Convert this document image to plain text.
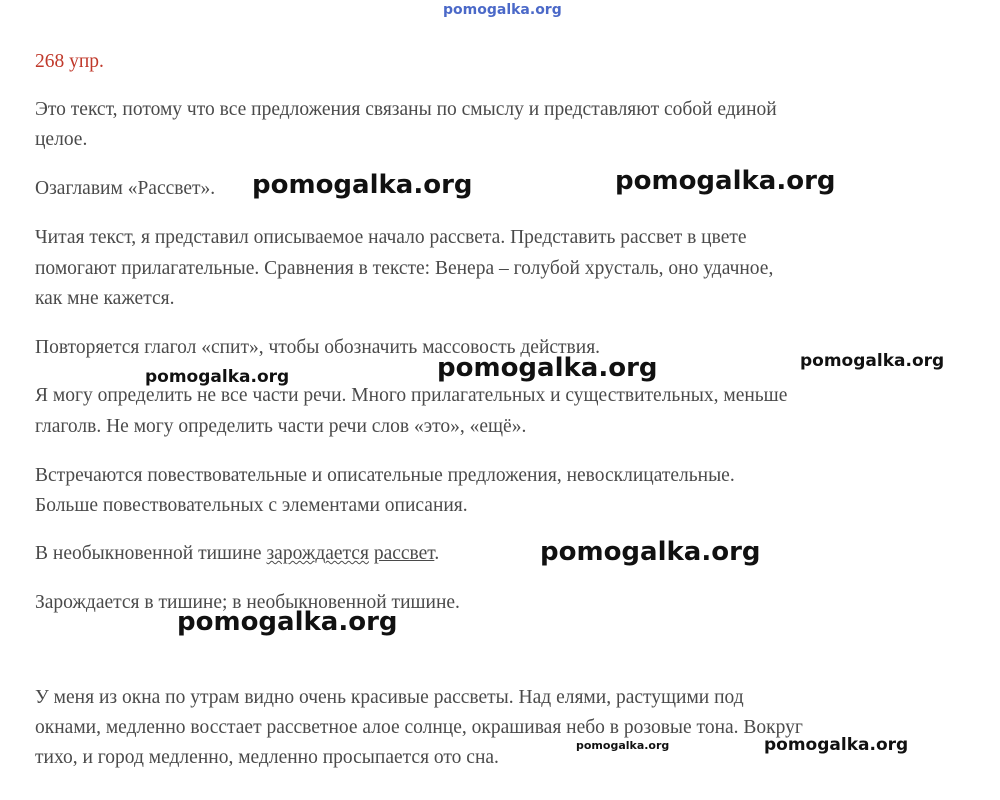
pomogalka.org

268 упр.

Это текст, потому что все предложения связаны по смыслу и представляют собой единой

целое.

Озаглавим «Рассвет».

Читая текст, я представил описываемое начало рассвета. Представить рассвет в цвете

помогают прилагательные. Сравнения в тексте: Венера – голубой хрусталь, оно удачное,

как мне кажется.

Повторяется глагол «спит», чтобы обозначить массовость действия.

Я могу определить не все части речи. Много прилагательных и существительных, меньше

глаголв. Не могу определить части речи слов «это», «ещё».

Встречаются повествовательные и описательные предложения, невосклицательные.

Больше повествовательных с элементами описания.

В необыкновенной тишине зарождается рассвет.

Зарождается в тишине; в необыкновенной тишине.

У меня из окна по утрам видно очень красивые рассветы. Над елями, растущими под

окнами, медленно восстает рассветное алое солнце, окрашивая небо в розовые тона. Вокруг

тихо, и город медленно, медленно просыпается ото сна.

pomogalka.org	pomogalka.org
pomogalka.org
pomogalka.org	pomogalka.org
pomogalka.org
pomogalka.org
pomogalka.org	pomogalka.org
